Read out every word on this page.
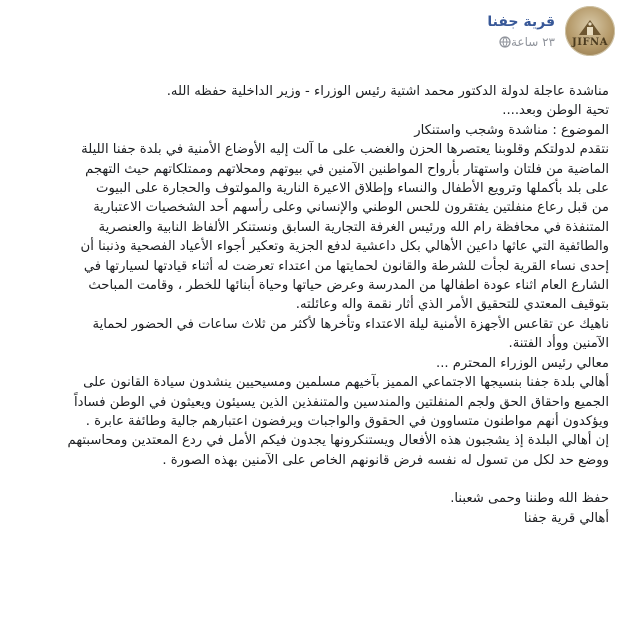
JIFNA
قرية جفنا
٢٣ ساعة

مناشدة عاجلة لدولة الدكتور محمد اشتية رئيس الوزراء - وزير الداخلية حفظه الله.

تحية الوطن وبعد....

الموضوع : مناشدة وشجب واستنكار

نتقدم لدولتكم وقلوبنا يعتصرها الحزن والغضب على ما آلت إليه الأوضاع الأمنية في بلدة جفنا الليلة

الماضية من فلتان واستهتار بأرواح المواطنين الآمنين في بيوتهم ومحلاتهم وممتلكاتهم حيث التهجم

على بلد بأكملها وترويع الأطفال والنساء وإطلاق الاعيرة النارية والمولتوف والحجارة على البيوت

من قبل رعاع منفلتين يفتقرون للحس الوطني والإنساني وعلى رأسهم أحد الشخصيات الاعتبارية

المتنفذة في محافظة رام الله ورئيس الغرفة التجارية السابق ونستنكر الألفاظ النابية والعنصرية

والطائفية التي عاثها داعين الأهالي بكل داعشية لدفع الجزية وتعكير أجواء الأعياد الفصحية وذنبنا أن

إحدى نساء القرية لجأت للشرطة والقانون لحمايتها من اعتداء تعرضت له أثناء قيادتها لسيارتها في

الشارع العام اثناء عودة اطفالها من المدرسة وعرض حياتها وحياة أبنائها للخطر ، وقامت المباحث

بتوقيف المعتدي للتحقيق الأمر الذي أثار نقمة واله وعائلته.

ناهيك عن تقاعس الأجهزة الأمنية ليلة الاعتداء وتأخرها لأكثر من ثلاث ساعات في الحضور لحماية

الآمنين ووأد الفتنة.

معالي رئيس الوزراء المحترم ...

أهالي بلدة جفنا بنسيجها الاجتماعي المميز بآخيهم مسلمين ومسيحيين ينشدون سيادة القانون على

الجميع واحقاق الحق ولجم المنفلتين والمندسين والمتنفذين الذين يسيئون ويعيثون في الوطن فساداً

ويؤكدون أنهم مواطنون متساوون في الحقوق والواجبات ويرفضون اعتبارهم جالية وطائفة عابرة .

إن أهالي البلدة إذ يشجبون هذه الأفعال ويستنكرونها يجدون فيكم الأمل في ردع المعتدين ومحاسبتهم

ووضع حد لكل من تسول له نفسه فرض قانونهم الخاص على الآمنين بهذه الصورة .

حفظ الله وطننا وحمى شعبنا.

أهالي قرية جفنا
